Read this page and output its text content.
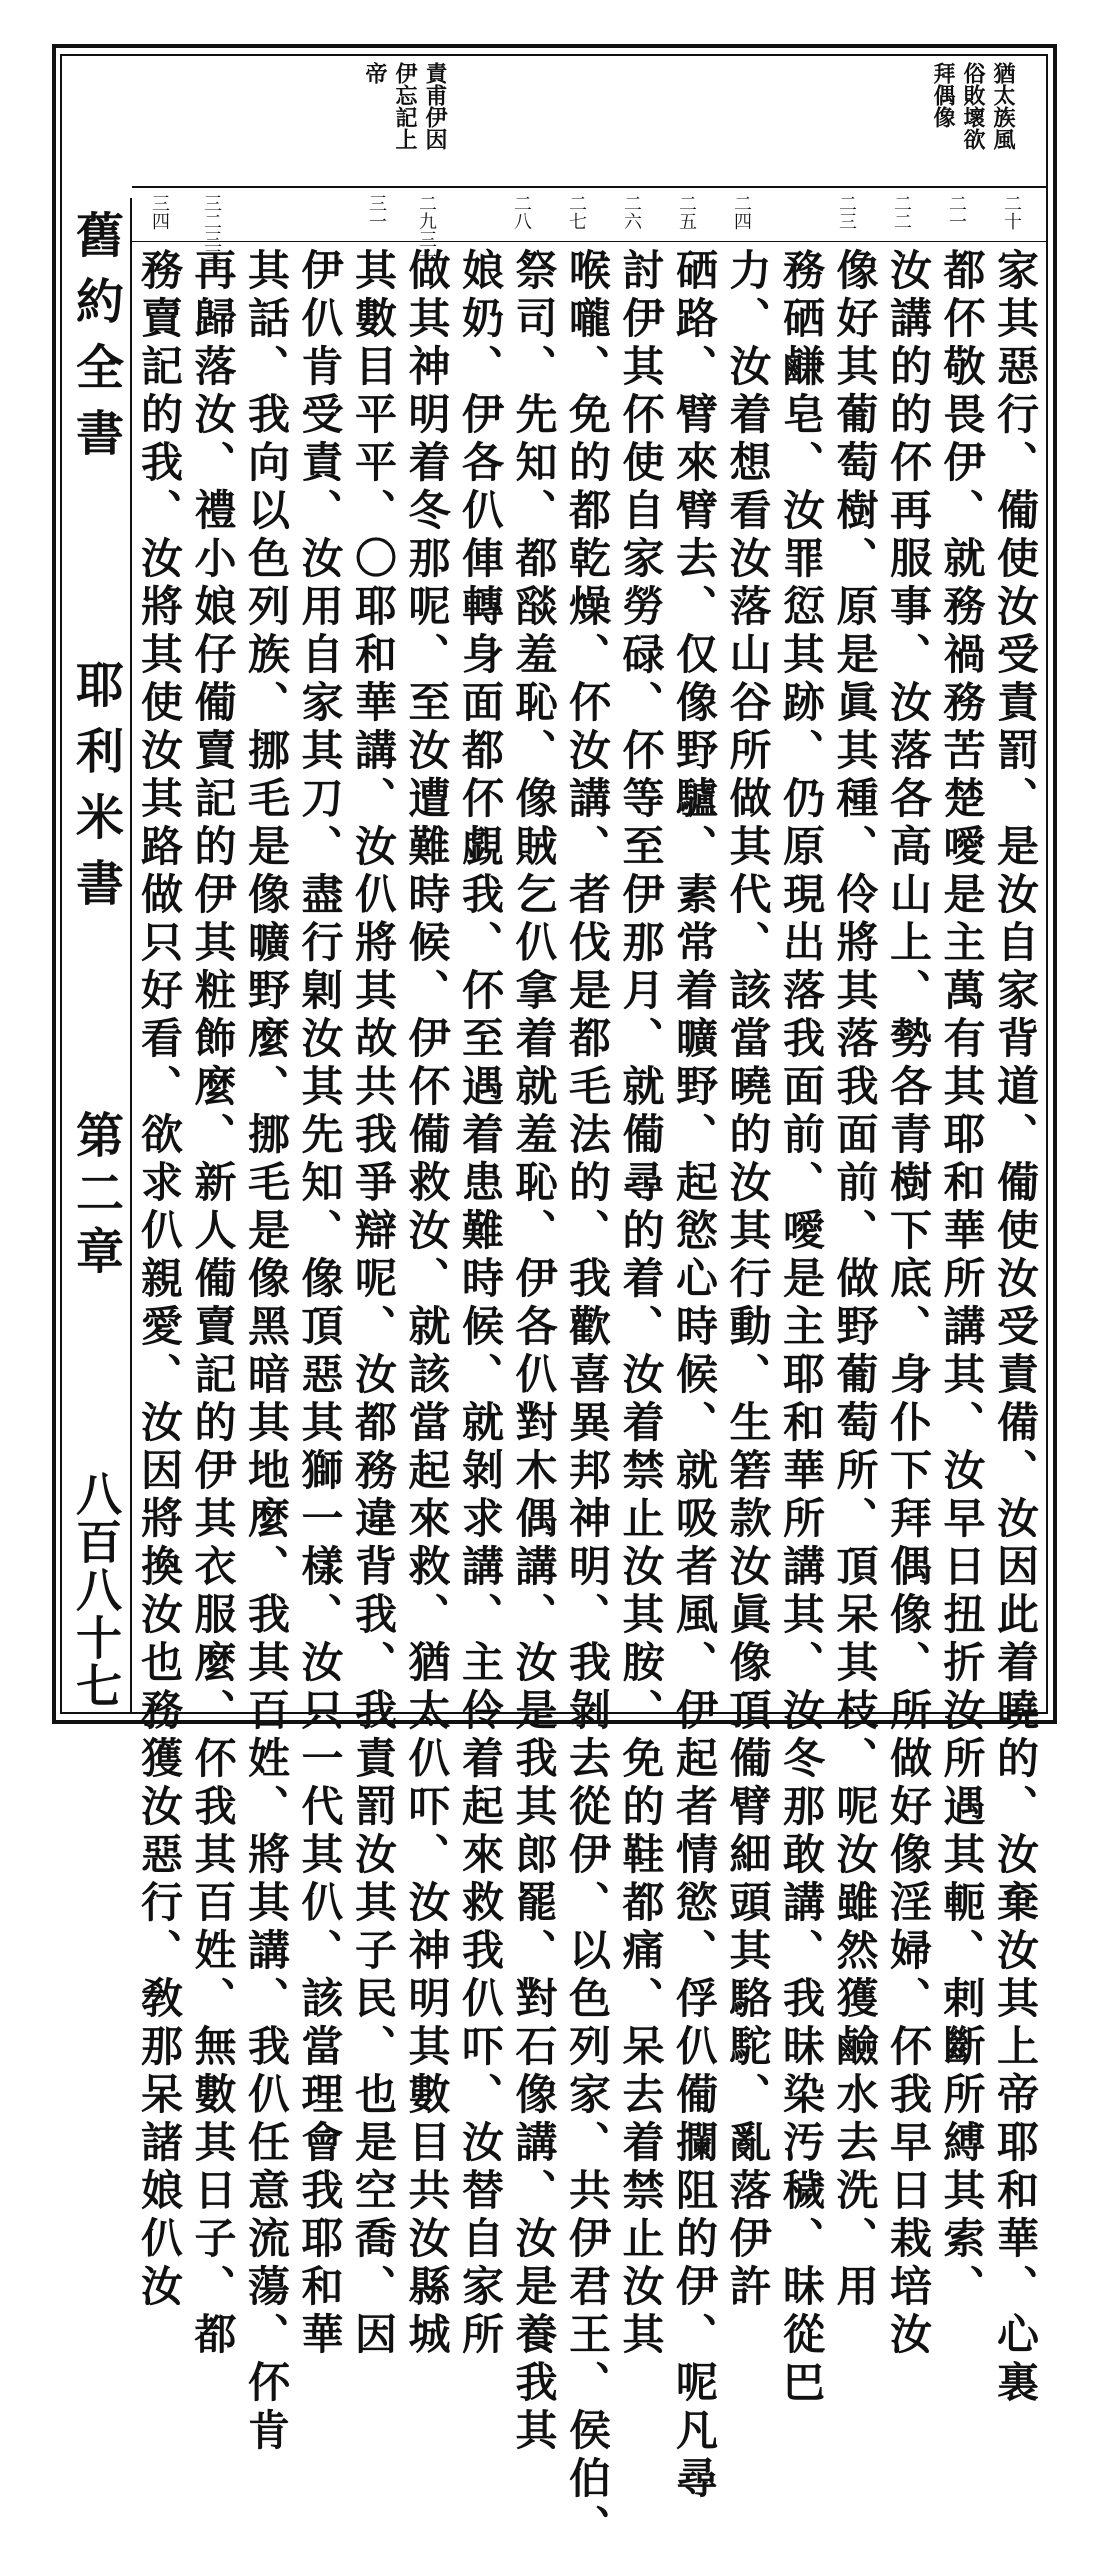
舊約全書
耶利米書
第二章
八百八十七
猶太族風
俗敗壞欲
拜偶像
責甫伊因
伊忘記上
帝
二十
二一
二二
二三
二四
二五
二六
二七
二八
二九三十
三一
三二三三
三四
家其惡行、僃使汝受責罰、是汝自家背道、僃使汝受責備、汝因此着曉的、汝棄汝其上帝耶和華、心裏
都伓敬畏伊、就務禍務苦楚噯是主萬有其耶和華所講其、汝早日扭折汝所遇其軛、剌斷所縛其索、
汝講的的伓再服事、汝落各高山上、勢各青樹下底、身仆下拜偶像、所做好像淫婦、伓我早日栽培汝
像好其葡萄樹、原是眞其種、伶將其落我面前、做野葡萄所、頂呆其枝、呢汝雖然獲鹼水去洗、用
務硒鹻皂、汝罪愆其跡、仍原現出落我面前、噯是主耶和華所講其、汝冬那敢講、我昧染汚穢、昧從巴
力、汝着想看汝落山谷所做其代、該當曉的汝其行動、生箬款汝眞像頂僃臂細頭其駱駝、亂落伊許
硒路、臂來臂去、仅像野驢、素常着曠野、起慾心時候、就吸者風、伊起者情慾、俘仈僃攔阻的伊、呢凡尋
討伊其伓使自家勞碌、伓等至伊那月、就僃尋的着、汝着禁止汝其胺、免的鞋都痛、呆去着禁止汝其
喉嚨、免的都乾燥、伓汝講、者伐是都毛法的、我歡喜異邦神明、我剝去從伊、以色列家、共伊君王、侯伯、
祭司、先知、都𦦨羞恥、像賊乞仈拿着就羞恥、伊各仈對木偶講、汝是我其郎罷、對石像講、汝是養我其
娘奶、伊各仈俥轉身面都伓覷我、伓至遇着患難時候、就剝求講、主伶着起來救我仈吓、汝替自家所
做其神明着冬那呢、至汝遭難時候、伊伓僃救汝、就該當起來救、猶太仈吓、汝神明其數目共汝縣城
其數目平平、〇耶和華講、汝仈將其故共我爭辯呢、汝都務違背我、我責罰汝其子民、也是空喬、因
伊仈肯受責、汝用自家其刀、盡行㓷汝其先知、像頂惡其獅一樣、汝只一代其仈、該當理會我耶和華
其話、我向以色列族、挪毛是像曠野麼、挪毛是像黑暗其地麼、我其百姓、將其講、我仈任意流蕩、伓肯
再歸落汝、禮小娘仔僃賣記的伊其粧飾麼、新人僃賣記的伊其衣服麼、伓我其百姓、無數其日子、都
務賣記的我、汝將其使汝其路做只好看、欲求仈親愛、汝因將換汝也務獲汝惡行、敎那呆諸娘仈汝
